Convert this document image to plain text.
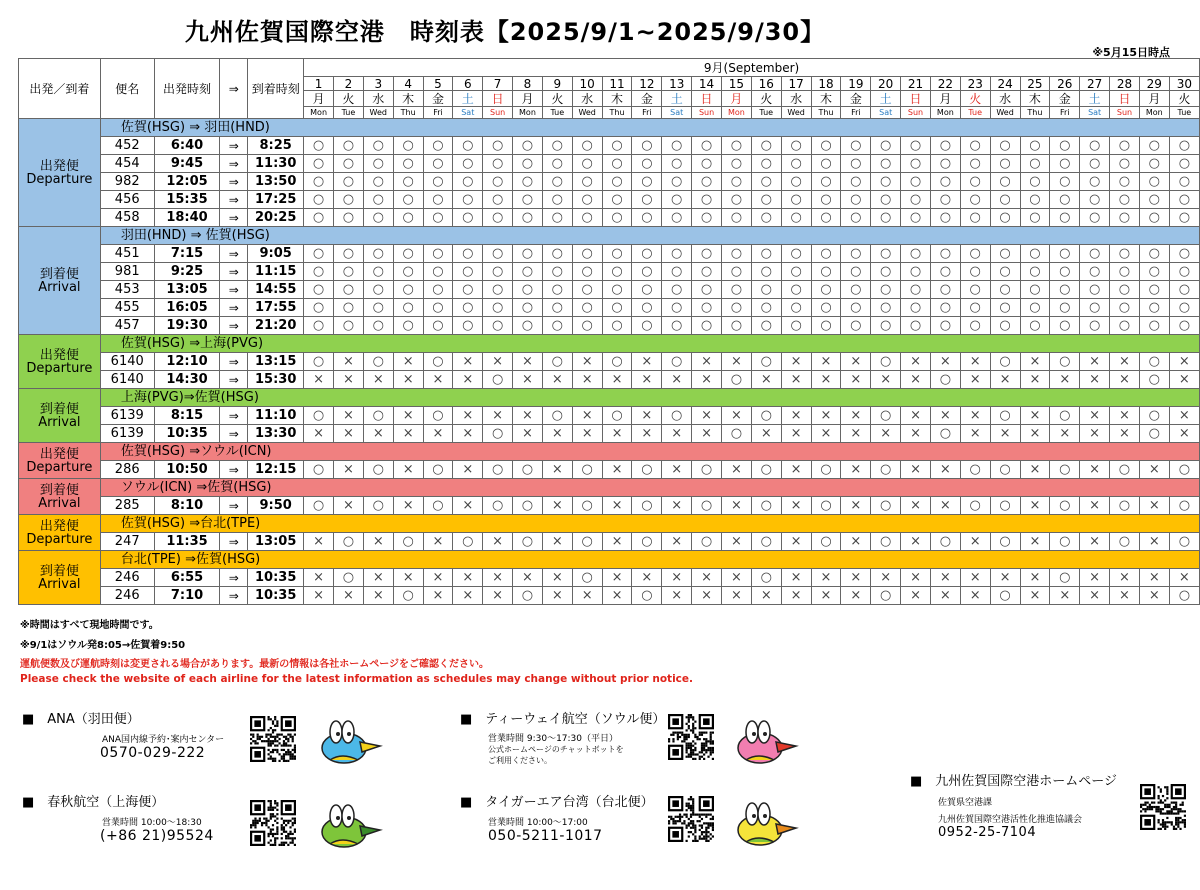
九州佐賀国際空港　時刻表【2025/9/1~2025/9/30】
※5月15日時点
出発／到着	便名	出発時刻	⇒	到着時刻	9月(September)																													
					1	2	3	4	5	6	7	8	9	10	11	12	13	14	15	16	17	18	19	20	21	22	23	24	25	26	27	28	29	30
					月	火	水	木	金	土	日	月	火	水	木	金	土	日	月	火	水	木	金	土	日	月	火	水	木	金	土	日	月	火
					Mon	Tue	Wed	Thu	Fri	Sat	Sun	Mon	Tue	Wed	Thu	Fri	Sat	Sun	Mon	Tue	Wed	Thu	Fri	Sat	Sun	Mon	Tue	Wed	Thu	Fri	Sat	Sun	Mon	Tue

出発便
Departure	佐賀(HSG) ⇒ 羽田(HND)																																	
	452	6:40	⇒	8:25	○	○	○	○	○	○	○	○	○	○	○	○	○	○	○	○	○	○	○	○	○	○	○	○	○	○	○	○	○	○
	454	9:45	⇒	11:30	○	○	○	○	○	○	○	○	○	○	○	○	○	○	○	○	○	○	○	○	○	○	○	○	○	○	○	○	○	○
	982	12:05	⇒	13:50	○	○	○	○	○	○	○	○	○	○	○	○	○	○	○	○	○	○	○	○	○	○	○	○	○	○	○	○	○	○
	456	15:35	⇒	17:25	○	○	○	○	○	○	○	○	○	○	○	○	○	○	○	○	○	○	○	○	○	○	○	○	○	○	○	○	○	○
	458	18:40	⇒	20:25	○	○	○	○	○	○	○	○	○	○	○	○	○	○	○	○	○	○	○	○	○	○	○	○	○	○	○	○	○	○

到着便
Arrival	羽田(HND) ⇒ 佐賀(HSG)																																	
	451	7:15	⇒	9:05	○	○	○	○	○	○	○	○	○	○	○	○	○	○	○	○	○	○	○	○	○	○	○	○	○	○	○	○	○	○
	981	9:25	⇒	11:15	○	○	○	○	○	○	○	○	○	○	○	○	○	○	○	○	○	○	○	○	○	○	○	○	○	○	○	○	○	○
	453	13:05	⇒	14:55	○	○	○	○	○	○	○	○	○	○	○	○	○	○	○	○	○	○	○	○	○	○	○	○	○	○	○	○	○	○
	455	16:05	⇒	17:55	○	○	○	○	○	○	○	○	○	○	○	○	○	○	○	○	○	○	○	○	○	○	○	○	○	○	○	○	○	○
	457	19:30	⇒	21:20	○	○	○	○	○	○	○	○	○	○	○	○	○	○	○	○	○	○	○	○	○	○	○	○	○	○	○	○	○	○

出発便
Departure	佐賀(HSG) ⇒上海(PVG)																																	
	6140	12:10	⇒	13:15	○	×	○	×	○	×	×	×	○	×	○	×	○	×	×	○	×	×	×	○	×	×	×	○	×	○	×	×	○	×
	6140	14:30	⇒	15:30	×	×	×	×	×	×	○	×	×	×	×	×	×	×	○	×	×	×	×	×	×	○	×	×	×	×	×	×	○	×

到着便
Arrival	上海(PVG)⇒佐賀(HSG)																																	
	6139	8:15	⇒	11:10	○	×	○	×	○	×	×	×	○	×	○	×	○	×	×	○	×	×	×	○	×	×	×	○	×	○	×	×	○	×
	6139	10:35	⇒	13:30	×	×	×	×	×	×	○	×	×	×	×	×	×	×	○	×	×	×	×	×	×	○	×	×	×	×	×	×	○	×

出発便
Departure	佐賀(HSG) ⇒ソウル(ICN)																																	
	286	10:50	⇒	12:15	○	×	○	×	○	×	○	○	×	○	×	○	×	○	×	○	×	○	×	○	×	×	○	○	×	○	×	○	×	○

到着便
Arrival	ソウル(ICN) ⇒佐賀(HSG)																																	
	285	8:10	⇒	9:50	○	×	○	×	○	×	○	○	×	○	×	○	×	○	×	○	×	○	×	○	×	×	○	○	×	○	×	○	×	○

出発便
Departure	佐賀(HSG) ⇒台北(TPE)																																	
	247	11:35	⇒	13:05	×	○	×	○	×	○	×	○	×	○	×	○	×	○	×	○	×	○	×	○	×	○	×	○	×	○	×	○	×	○

到着便
Arrival	台北(TPE) ⇒佐賀(HSG)																																	
	246	6:55	⇒	10:35	×	○	×	×	×	×	×	×	×	○	×	×	×	×	×	○	×	×	×	×	×	×	×	×	×	○	×	×	×	×
	246	7:10	⇒	10:35	×	×	×	○	×	×	×	○	×	×	×	○	×	×	×	×	×	×	×	○	×	×	×	○	×	×	×	×	×	○
※時間はすべて現地時間です。
※9/1はソウル発8:05→佐賀着9:50
運航便数及び運航時刻は変更される場合があります。最新の情報は各社ホームページをご確認ください。
Please check the website of each airline for the latest information as schedules may change without prior notice.
■　ANA（羽田便）
ANA国内線予約･案内センター
0570-029-222
■　春秋航空（上海便）
営業時間 10:00～18:30
(+86 21)95524
■　ティーウェイ航空（ソウル便）
営業時間 9:30～17:30（平日）
公式ホームページのチャットボットを
ご利用ください。
■　タイガーエア台湾（台北便）
営業時間 10:00～17:00
050-5211-1017
■　九州佐賀国際空港ホームページ
佐賀県空港課
九州佐賀国際空港活性化推進協議会
0952-25-7104
